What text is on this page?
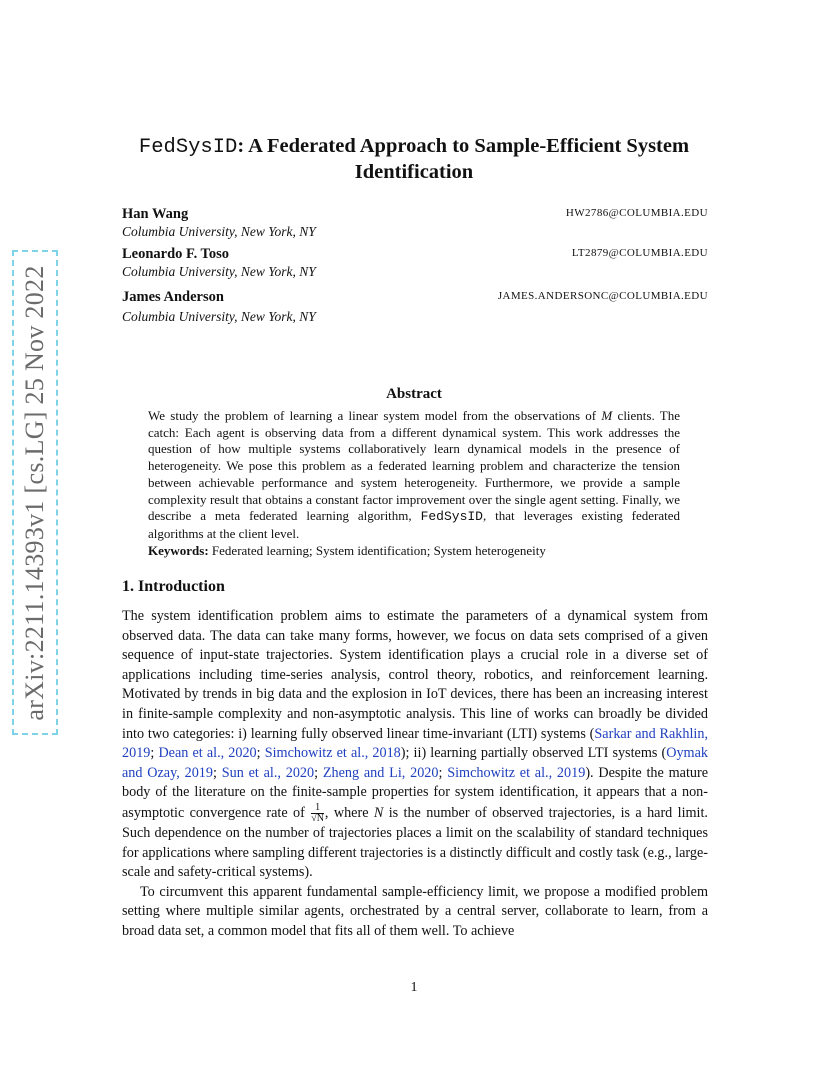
arXiv:2211.14393v1 [cs.LG] 25 Nov 2022
FedSysID: A Federated Approach to Sample-Efficient System
Identification
Han Wang	HW2786@COLUMBIA.EDU
Columbia University, New York, NY
Leonardo F. Toso	LT2879@COLUMBIA.EDU
Columbia University, New York, NY
James Anderson	JAMES.ANDERSONC@COLUMBIA.EDU
Columbia University, New York, NY
Abstract

We study the problem of learning a linear system model from the observations of M clients. The catch: Each agent is observing data from a different dynamical system. This work addresses the question of how multiple systems collaboratively learn dynamical models in the presence of heterogeneity. We pose this problem as a federated learning problem and characterize the tension between achievable performance and system heterogeneity. Furthermore, we provide a sample complexity result that obtains a constant factor improvement over the single agent setting. Finally, we describe a meta federated learning algorithm, FedSysID, that leverages existing federated algorithms at the client level.

Keywords: Federated learning; System identification; System heterogeneity

1. Introduction

The system identification problem aims to estimate the parameters of a dynamical system from observed data. The data can take many forms, however, we focus on data sets comprised of a given sequence of input-state trajectories. System identification plays a crucial role in a diverse set of applications including time-series analysis, control theory, robotics, and reinforcement learning. Motivated by trends in big data and the explosion in IoT devices, there has been an increasing interest in finite-sample complexity and non-asymptotic analysis. This line of works can broadly be divided into two categories: i) learning fully observed linear time-invariant (LTI) systems (Sarkar and Rakhlin, 2019; Dean et al., 2020; Simchowitz et al., 2018); ii) learning partially observed LTI systems (Oymak and Ozay, 2019; Sun et al., 2020; Zheng and Li, 2020; Simchowitz et al., 2019). Despite the mature body of the literature on the finite-sample properties for system identification, it appears that a non-asymptotic convergence rate of $\frac{1}{√N}$ , where N is the number of observed trajectories, is a hard limit. Such dependence on the number of trajectories places a limit on the scalability of standard techniques for applications where sampling different trajectories is a distinctly difficult and costly task (e.g., large-scale and safety-critical systems).

To circumvent this apparent fundamental sample-efficiency limit, we propose a modified problem setting where multiple similar agents, orchestrated by a central server, collaborate to learn, from a broad data set, a common model that fits all of them well. To achieve

1
